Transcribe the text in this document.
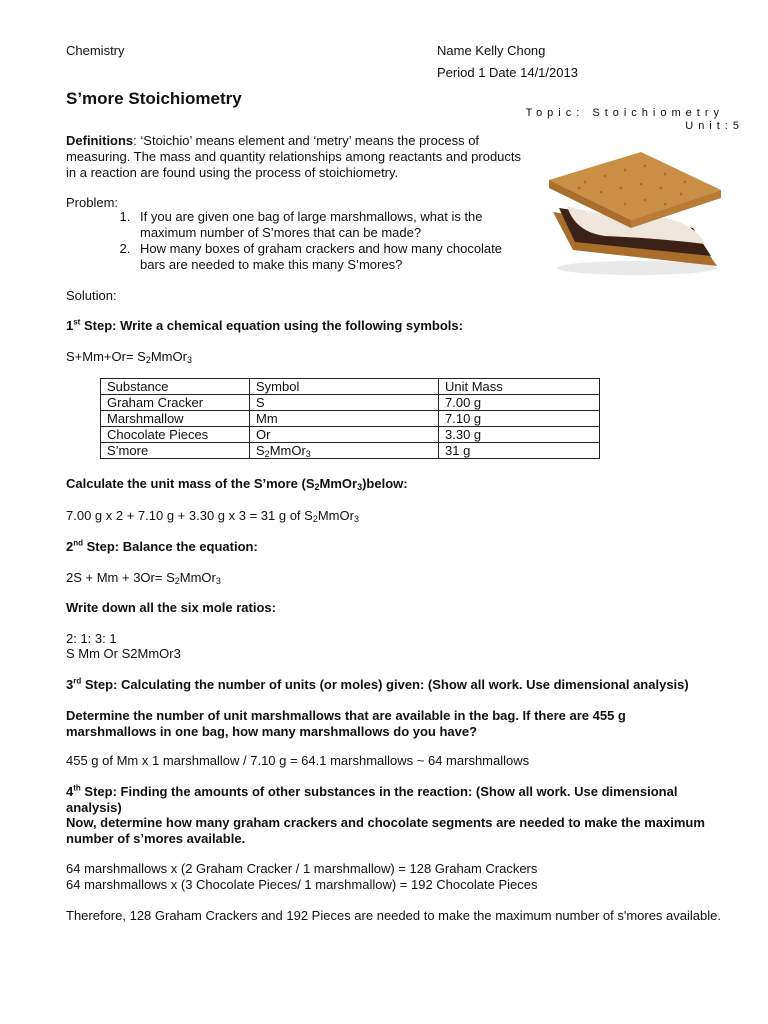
Chemistry	Name Kelly Chong
Period 1 Date 14/1/2013
S’more Stoichiometry
Topic: Stoichiometry
Unit:5
Definitions: ‘Stoichio’ means element and ‘metry’ means the process of measuring. The mass and quantity relationships among reactants and products in a reaction are found using the process of stoichiometry.
Problem:
1. If you are given one bag of large marshmallows, what is the maximum number of S’mores that can be made?
2. How many boxes of graham crackers and how many chocolate bars are needed to make this many S’mores?
Solution:
1st Step: Write a chemical equation using the following symbols:
$S+Mm+Or= S_2MmOr_3$
Substance	Symbol	Unit Mass
Graham Cracker	S	7.00 g
Marshmallow	Mm	7.10 g
Chocolate Pieces	Or	3.30 g
S’more	$S_2MmOr_3$	31 g
Calculate the unit mass of the S’more $(S_2MmOr_3)below$:
7.00 g x 2 + 7.10 g + 3.30 g x 3 = 31 g of $S_2MmOr_3$
2nd Step: Balance the equation:
$2S + Mm + 3Or= S_2MmOr_3$
Write down all the six mole ratios:
2: 1: 3: 1
S Mm Or S2MmOr3
3rd Step: Calculating the number of units (or moles) given: (Show all work. Use dimensional analysis)
Determine the number of unit marshmallows that are available in the bag. If there are 455 g marshmallows in one bag, how many marshmallows do you have?
455 g of Mm x 1 marshmallow / 7.10 g = 64.1 marshmallows ~ 64 marshmallows
4th Step: Finding the amounts of other substances in the reaction: (Show all work. Use dimensional analysis)
Now, determine how many graham crackers and chocolate segments are needed to make the maximum number of s’mores available.
64 marshmallows x (2 Graham Cracker / 1 marshmallow) = 128 Graham Crackers
64 marshmallows x (3 Chocolate Pieces/ 1 marshmallow) = 192 Chocolate Pieces
Therefore, 128 Graham Crackers and 192 Pieces are needed to make the maximum number of s'mores available.
